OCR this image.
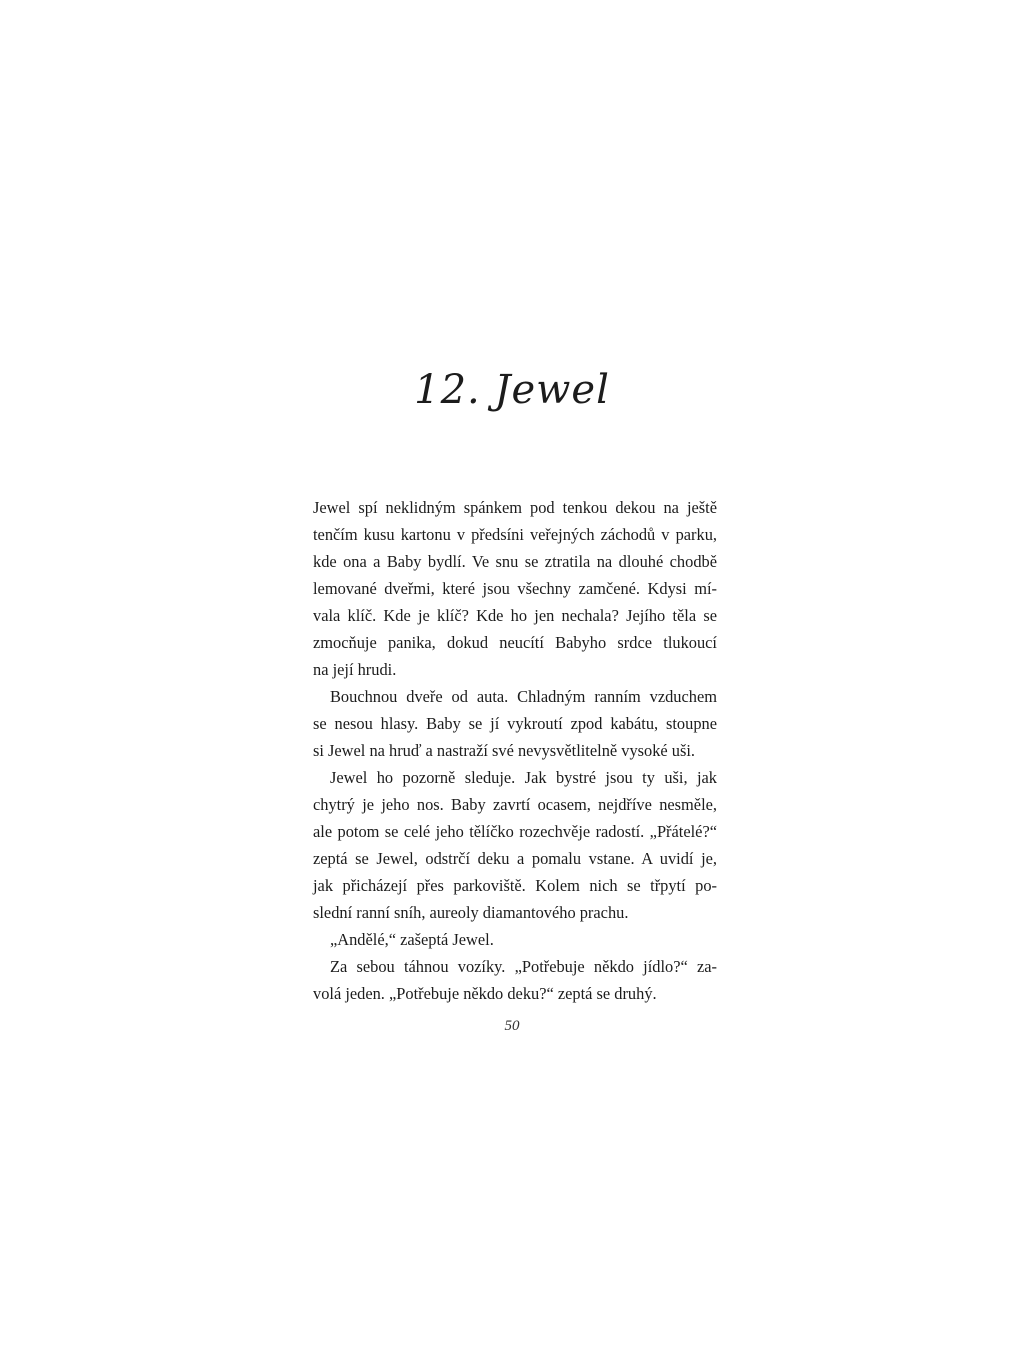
12. Jewel
Jewel spí neklidným spánkem pod tenkou dekou na ještě
tenčím kusu kartonu v předsíni veřejných záchodů v parku,
kde ona a Baby bydlí. Ve snu se ztratila na dlouhé chodbě
lemované dveřmi, které jsou všechny zamčené. Kdysi mí-
vala klíč. Kde je klíč? Kde ho jen nechala? Jejího těla se
zmocňuje panika, dokud neucítí Babyho srdce tlukoucí
na její hrudi.
Bouchnou dveře od auta. Chladným ranním vzduchem
se nesou hlasy. Baby se jí vykroutí zpod kabátu, stoupne
si Jewel na hruď a nastraží své nevysvětlitelně vysoké uši.
Jewel ho pozorně sleduje. Jak bystré jsou ty uši, jak
chytrý je jeho nos. Baby zavrtí ocasem, nejdříve nesměle,
ale potom se celé jeho tělíčko rozechvěje radostí. „Přátelé?“
zeptá se Jewel, odstrčí deku a pomalu vstane. A uvidí je,
jak přicházejí přes parkoviště. Kolem nich se třpytí po-
slední ranní sníh, aureoly diamantového prachu.
„Andělé,“ zašeptá Jewel.
Za sebou táhnou vozíky. „Potřebuje někdo jídlo?“ za-
volá jeden. „Potřebuje někdo deku?“ zeptá se druhý.
50
